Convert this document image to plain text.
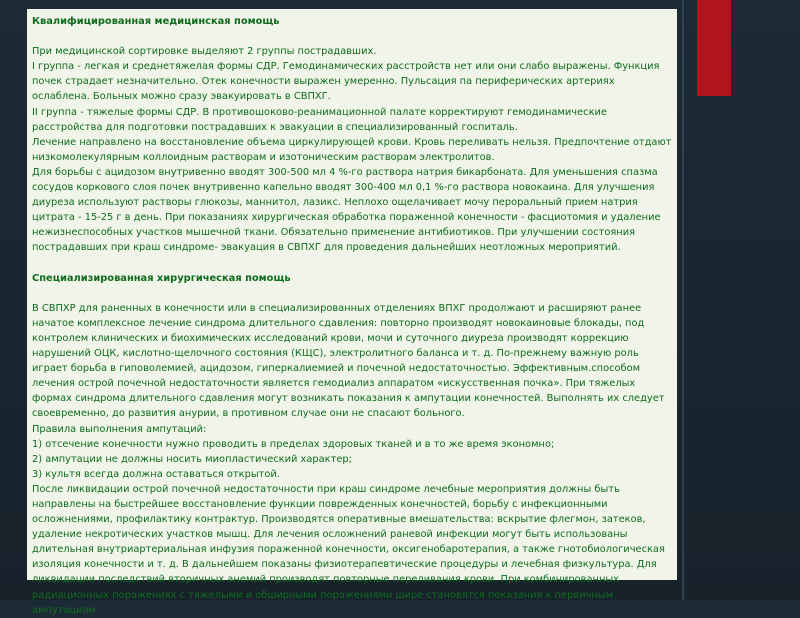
Квалифицированная медицинская помощь

При медицинской сортировке выделяют 2 группы пострадавших.
I группа - легкая и среднетяжелая формы СДР. Гемодинамических расстройств нет или они слабо выражены. Функция почек страдает незначительно. Отек конечности выражен умеренно. Пульсация па периферических артериях ослаблена. Больных можно сразу эвакуировать в СВПХГ.
II группа - тяжелые формы СДР. В противошоково-реанимационной палате корректируют гемодинамические расстройства для подготовки пострадавших к эвакуации в специализированный госпиталь.
Лечение направлено на восстановление объема циркулирующей крови. Кровь переливать нельзя. Предпочтение отдают низкомолекулярным коллоидным растворам и изотоническим растворам электролитов.
Для борьбы с ацидозом внутривенно вводят 300-500 мл 4 %-го раствора натрия бикарбоната. Для уменьшения спазма сосудов коркового слоя почек внутривенно капельно вводят 300-400 мл 0,1 %-го раствора новокаина. Для улучшения диуреза используют растворы глюкозы, маннитол, лазикс. Неплохо ощелачивает мочу пероральный прием натрия цитрата - 15-25 г в день. При показаниях хирургическая обработка пораженной конечности - фасциотомия и удаление нежизнеспособных участков мышечной ткани. Обязательно применение антибиотиков. При улучшении состояния пострадавших при краш синдроме- эвакуация в СВПХГ для проведения дальнейших неотложных мероприятий.

Специализированная хирургическая помощь

В СВПХР для раненных в конечности или в специализированных отделениях ВПХГ продолжают и расширяют ранее начатое комплексное лечение синдрома длительного сдавления: повторно производят новокаиновые блокады, под контролем клинических и биохимических исследований крови, мочи и суточного диуреза производят коррекцию нарушений ОЦК, кислотно-щелочного состояния (КЩС), электролитного баланса и т. д. По-прежнему важную роль играет борьба в гиповолемией, ацидозом, гиперкалиемией и почечной недостаточностью. Эффективным.способом лечения острой почечной недостаточности является гемодиализ аппаратом «искусственная почка». При тяжелых формах синдрома длительного сдавления могут возникать показания к ампутации конечностей. Выполнять их следует своевременно, до развития анурии, в противном случае они не спасают больного.
Правила выполнения ампутаций:
1) отсечение конечности нужно проводить в пределах здоровых тканей и в то же время экономно;
2) ампутации не должны носить миопластический характер;
3) культя всегда должна оставаться открытой.
После ликвидации острой почечной недостаточности при краш синдроме лечебные мероприятия должны быть направлены на быстрейшее восстановление функции поврежденных конечностей, борьбу с инфекционными осложнениями, профилактику контрактур. Производятся оперативные вмешательства: вскрытие флегмон, затеков, удаление некротических участков мышц. Для лечения осложнений раневой инфекции могут быть использованы длительная внутриартериальная инфузия пораженной конечности, оксигенобаротерапия, а также гнотобиологическая изоляция конечности и т. д. В дальнейшем показаны физиотерапевтические процедуры и лечебная физкультура. Для ликвидации последствий вторичных анемий производят повторные переливания крови. При комбинированных радиационных поражениях с тяжелыми и обширными поражениями шире становятся показания к первичным ампутациям.
